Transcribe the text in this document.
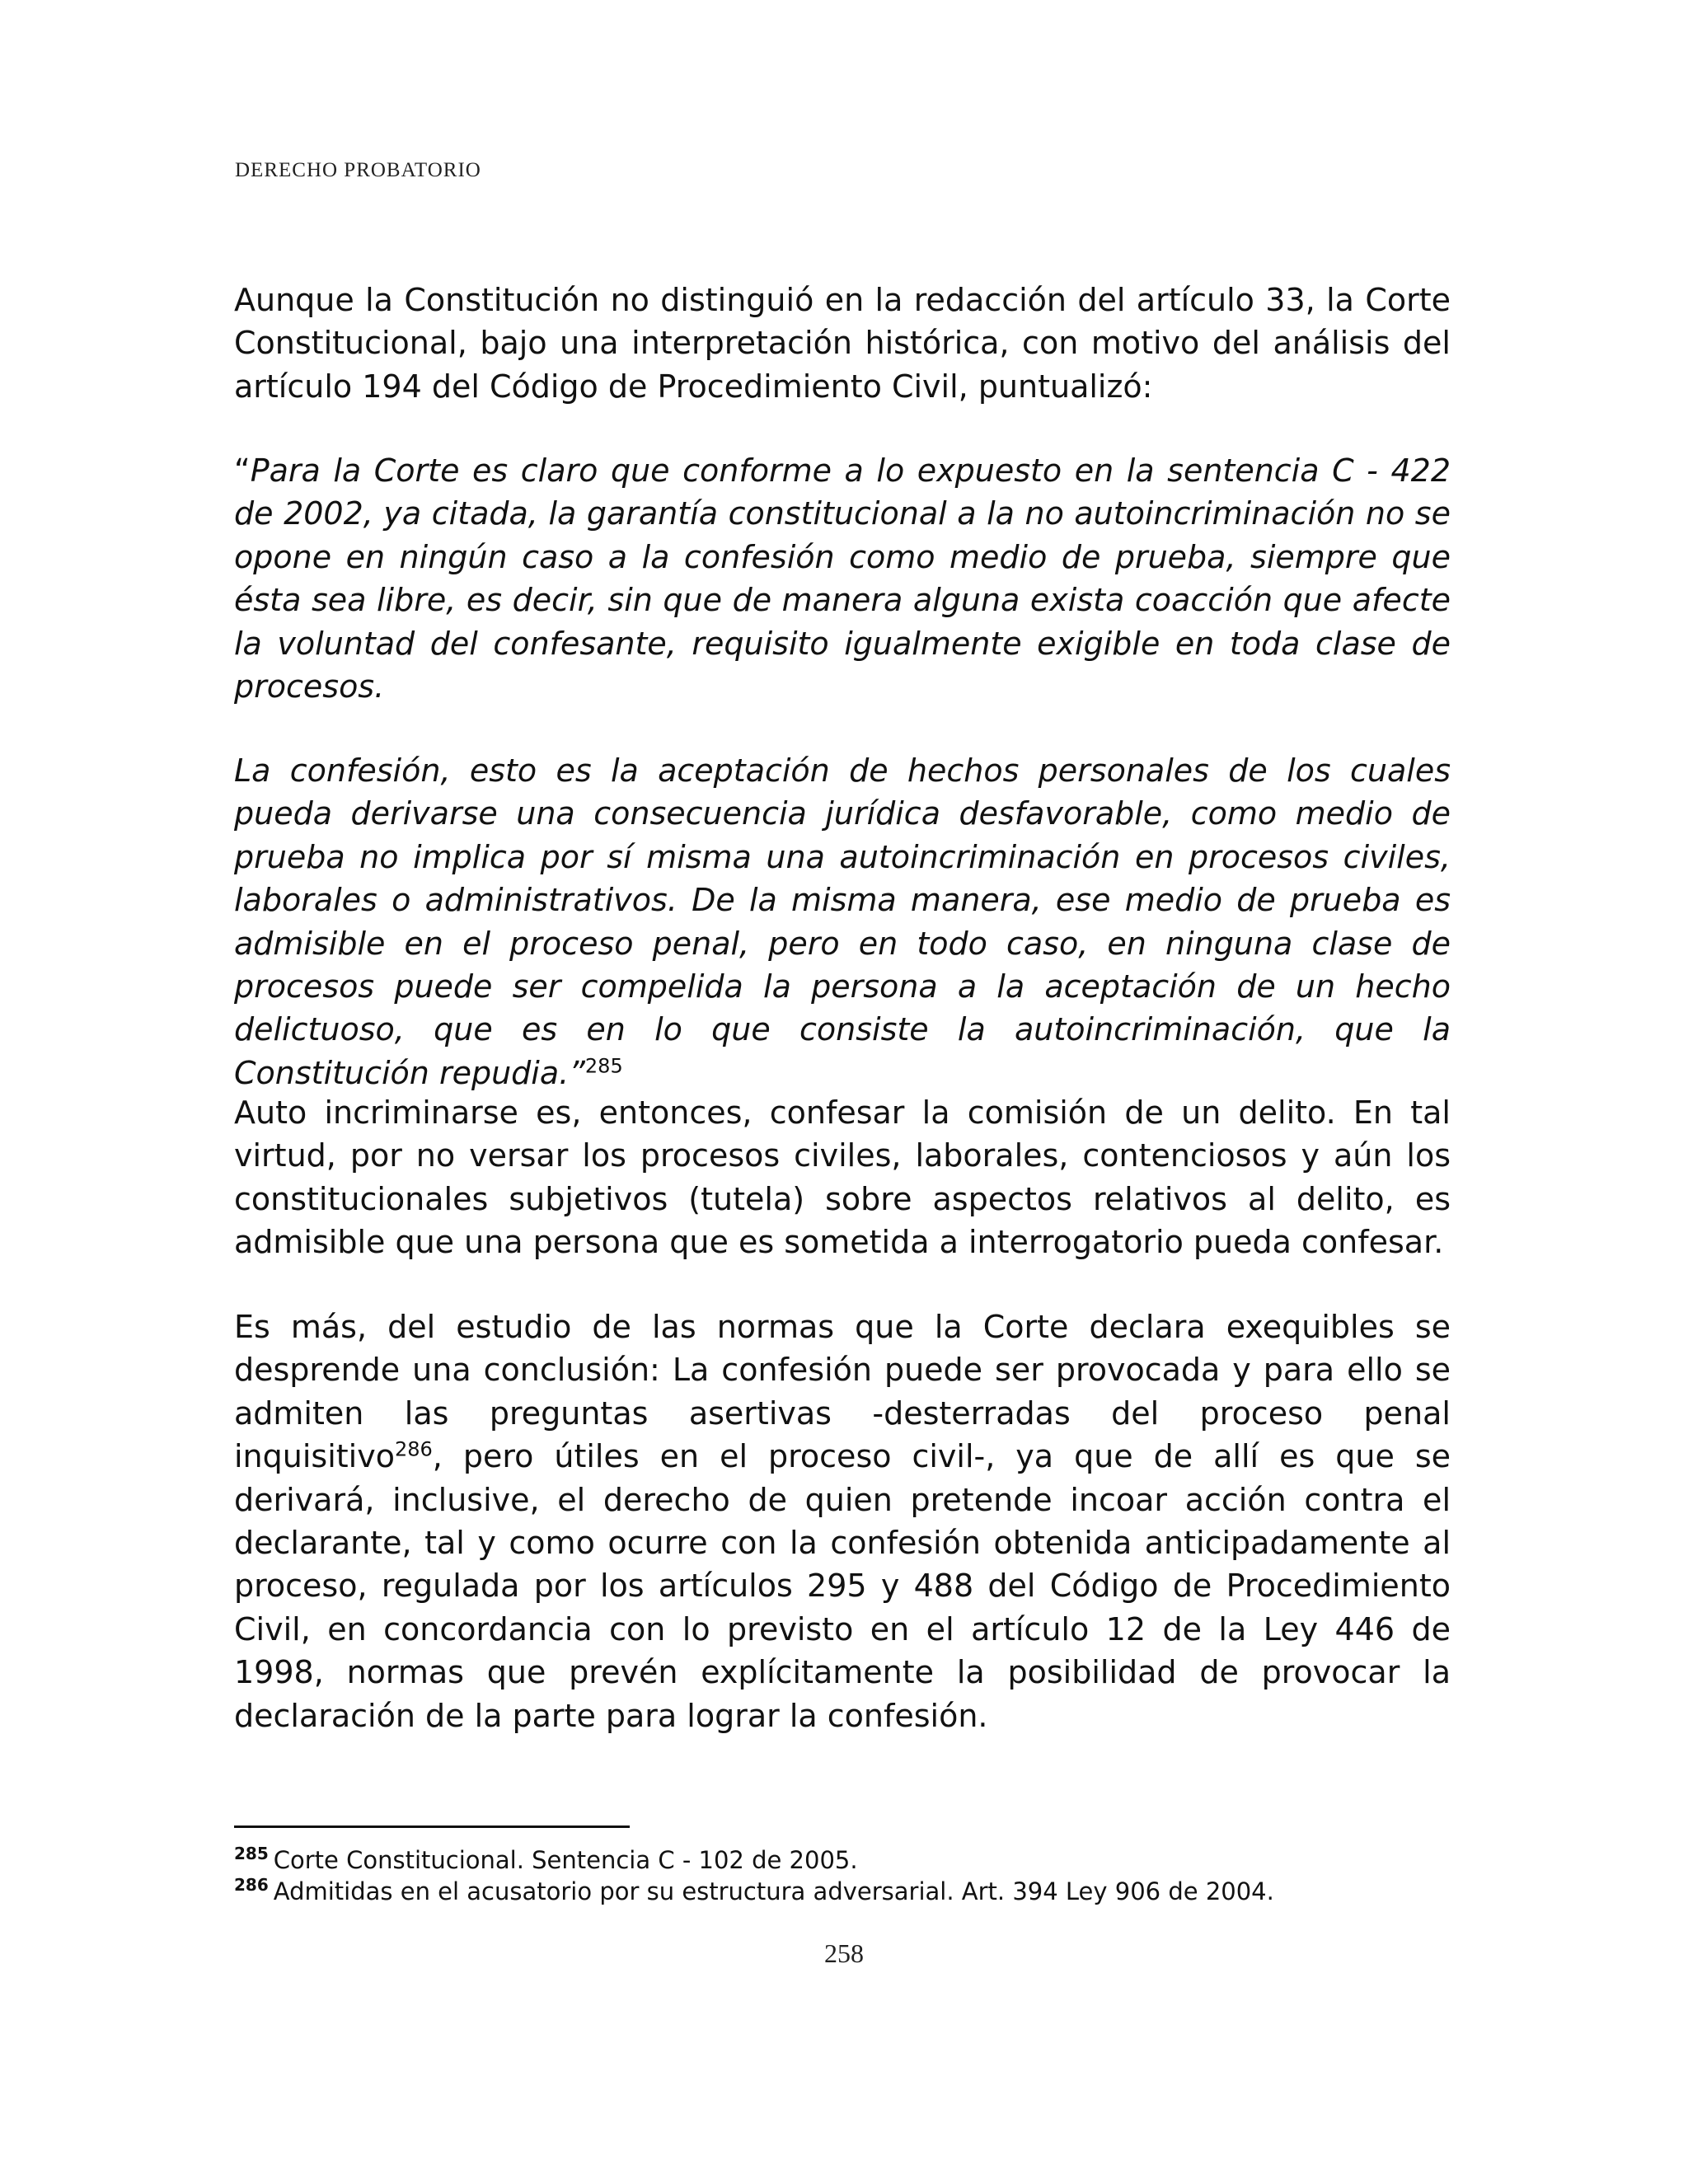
DERECHO PROBATORIO

Aunque la Constitución no distinguió en la redacción del artículo 33, la Corte Constitucional, bajo una interpretación histórica, con motivo del análisis del artículo 194 del Código de Procedimiento Civil, puntualizó:

“Para la Corte es claro que conforme a lo expuesto en la sentencia C - 422 de 2002, ya citada, la garantía constitucional a la no autoincriminación no se opone en ningún caso a la confesión como medio de prueba, siempre que ésta sea libre, es decir, sin que de manera alguna exista coacción que afecte la voluntad del confesante, requisito igualmente exigible en toda clase de procesos.

La confesión, esto es la aceptación de hechos personales de los cuales pueda derivarse una consecuencia jurídica desfavorable, como medio de prueba no implica por sí misma una autoincriminación en procesos civiles, laborales o administrativos. De la misma manera, ese medio de prueba es admisible en el proceso penal, pero en todo caso, en ninguna clase de procesos puede ser compelida la persona a la aceptación de un hecho delictuoso, que es en lo que consiste la autoincriminación, que la Constitución repudia.”$^{285}$

Auto incriminarse es, entonces, confesar la comisión de un delito. En tal virtud, por no versar los procesos civiles, laborales, contenciosos y aún los constitucionales subjetivos (tutela) sobre aspectos relativos al delito, es admisible que una persona que es sometida a interrogatorio pueda confesar.

Es más, del estudio de las normas que la Corte declara exequibles se desprende una conclusión: La confesión puede ser provocada y para ello se admiten las preguntas asertivas -desterradas del proceso penal inquisitivo$^{286}$, pero útiles en el proceso civil-, ya que de allí es que se derivará, inclusive, el derecho de quien pretende incoar acción contra el declarante, tal y como ocurre con la confesión obtenida anticipadamente al proceso, regulada por los artículos 295 y 488 del Código de Procedimiento Civil, en concordancia con lo previsto en el artículo 12 de la Ley 446 de 1998, normas que prevén explícitamente la posibilidad de provocar la declaración de la parte para lograr la confesión.

$^{285}$ Corte Constitucional. Sentencia C - 102 de 2005.
$^{286}$ Admitidas en el acusatorio por su estructura adversarial. Art. 394 Ley 906 de 2004.
258
